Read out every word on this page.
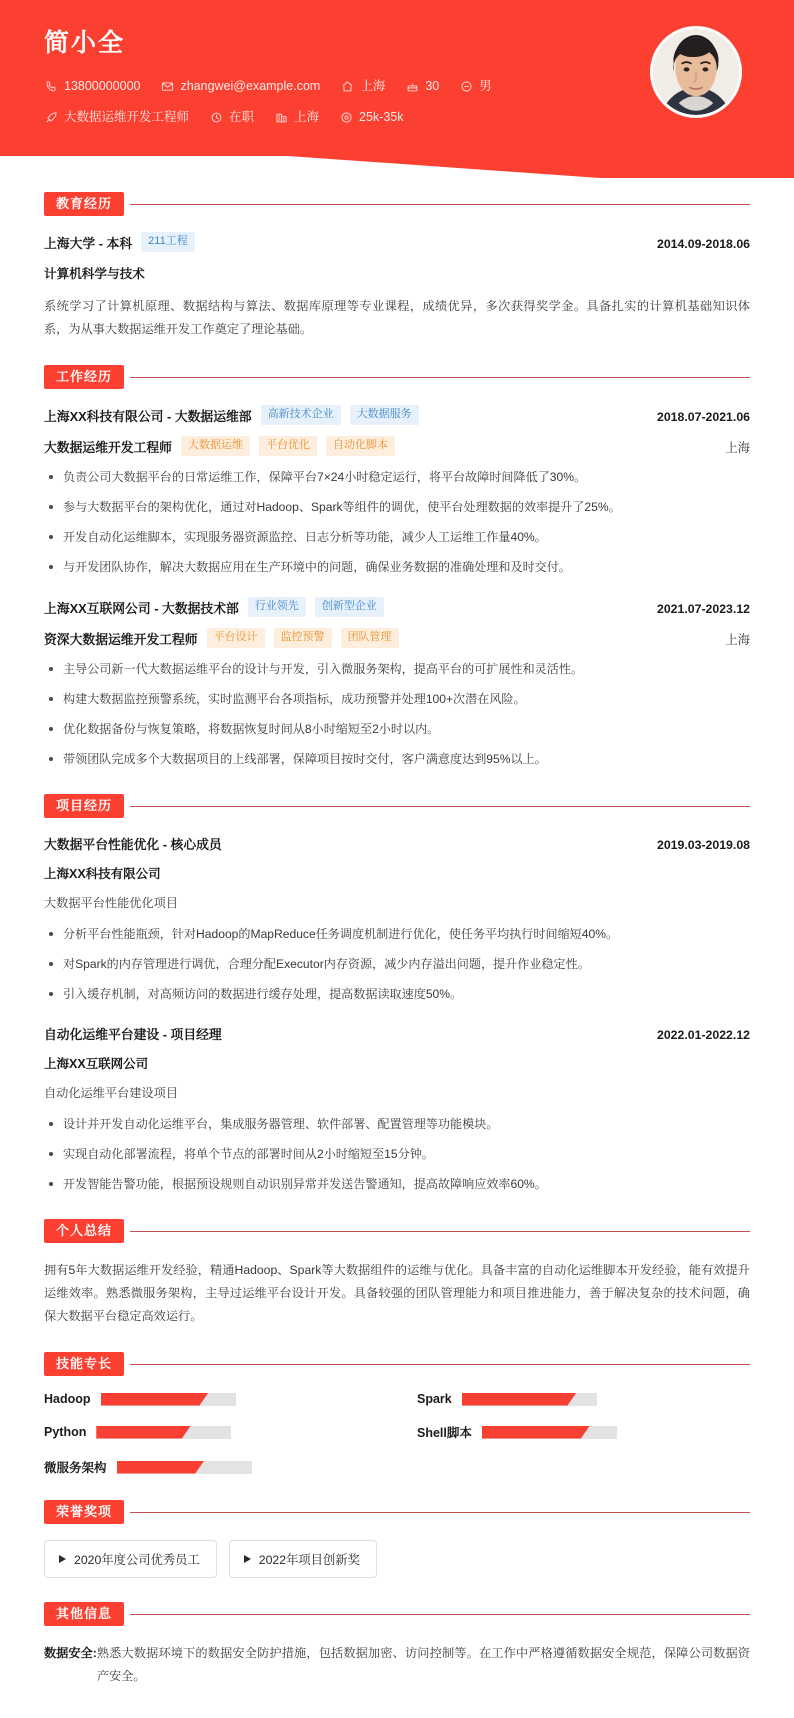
简小全
13800000000	zhangwei@example.com	上海	30	男
大数据运维开发工程师	在职	上海	25k-35k
教育经历
上海大学 - 本科	211工程	2014.09-2018.06
计算机科学与技术
系统学习了计算机原理、数据结构与算法、数据库原理等专业课程，成绩优异，多次获得奖学金。具备扎实的计算机基础知识体系，为从事大数据运维开发工作奠定了理论基础。
工作经历
上海XX科技有限公司 - 大数据运维部	高新技术企业	大数据服务	2018.07-2021.06
大数据运维开发工程师	大数据运维	平台优化	自动化脚本	上海
负责公司大数据平台的日常运维工作，保障平台7×24小时稳定运行，将平台故障时间降低了30%。
参与大数据平台的架构优化，通过对Hadoop、Spark等组件的调优，使平台处理数据的效率提升了25%。
开发自动化运维脚本，实现服务器资源监控、日志分析等功能，减少人工运维工作量40%。
与开发团队协作，解决大数据应用在生产环境中的问题，确保业务数据的准确处理和及时交付。
上海XX互联网公司 - 大数据技术部	行业领先	创新型企业	2021.07-2023.12
资深大数据运维开发工程师	平台设计	监控预警	团队管理	上海
主导公司新一代大数据运维平台的设计与开发，引入微服务架构，提高平台的可扩展性和灵活性。
构建大数据监控预警系统，实时监测平台各项指标，成功预警并处理100+次潜在风险。
优化数据备份与恢复策略，将数据恢复时间从8小时缩短至2小时以内。
带领团队完成多个大数据项目的上线部署，保障项目按时交付，客户满意度达到95%以上。
项目经历
大数据平台性能优化 - 核心成员	2019.03-2019.08
上海XX科技有限公司
大数据平台性能优化项目
分析平台性能瓶颈，针对Hadoop的MapReduce任务调度机制进行优化，使任务平均执行时间缩短40%。
对Spark的内存管理进行调优，合理分配Executor内存资源，减少内存溢出问题，提升作业稳定性。
引入缓存机制，对高频访问的数据进行缓存处理，提高数据读取速度50%。
自动化运维平台建设 - 项目经理	2022.01-2022.12
上海XX互联网公司
自动化运维平台建设项目
设计并开发自动化运维平台，集成服务器管理、软件部署、配置管理等功能模块。
实现自动化部署流程，将单个节点的部署时间从2小时缩短至15分钟。
开发智能告警功能，根据预设规则自动识别异常并发送告警通知，提高故障响应效率60%。
个人总结
拥有5年大数据运维开发经验，精通Hadoop、Spark等大数据组件的运维与优化。具备丰富的自动化运维脚本开发经验，能有效提升运维效率。熟悉微服务架构，主导过运维平台设计开发。具备较强的团队管理能力和项目推进能力，善于解决复杂的技术问题，确保大数据平台稳定高效运行。
技能专长
Hadoop	Spark
Python	Shell脚本
微服务架构
荣誉奖项
2020年度公司优秀员工	2022年项目创新奖
其他信息
数据安全: 熟悉大数据环境下的数据安全防护措施，包括数据加密、访问控制等。在工作中严格遵循数据安全规范，保障公司数据资产安全。
